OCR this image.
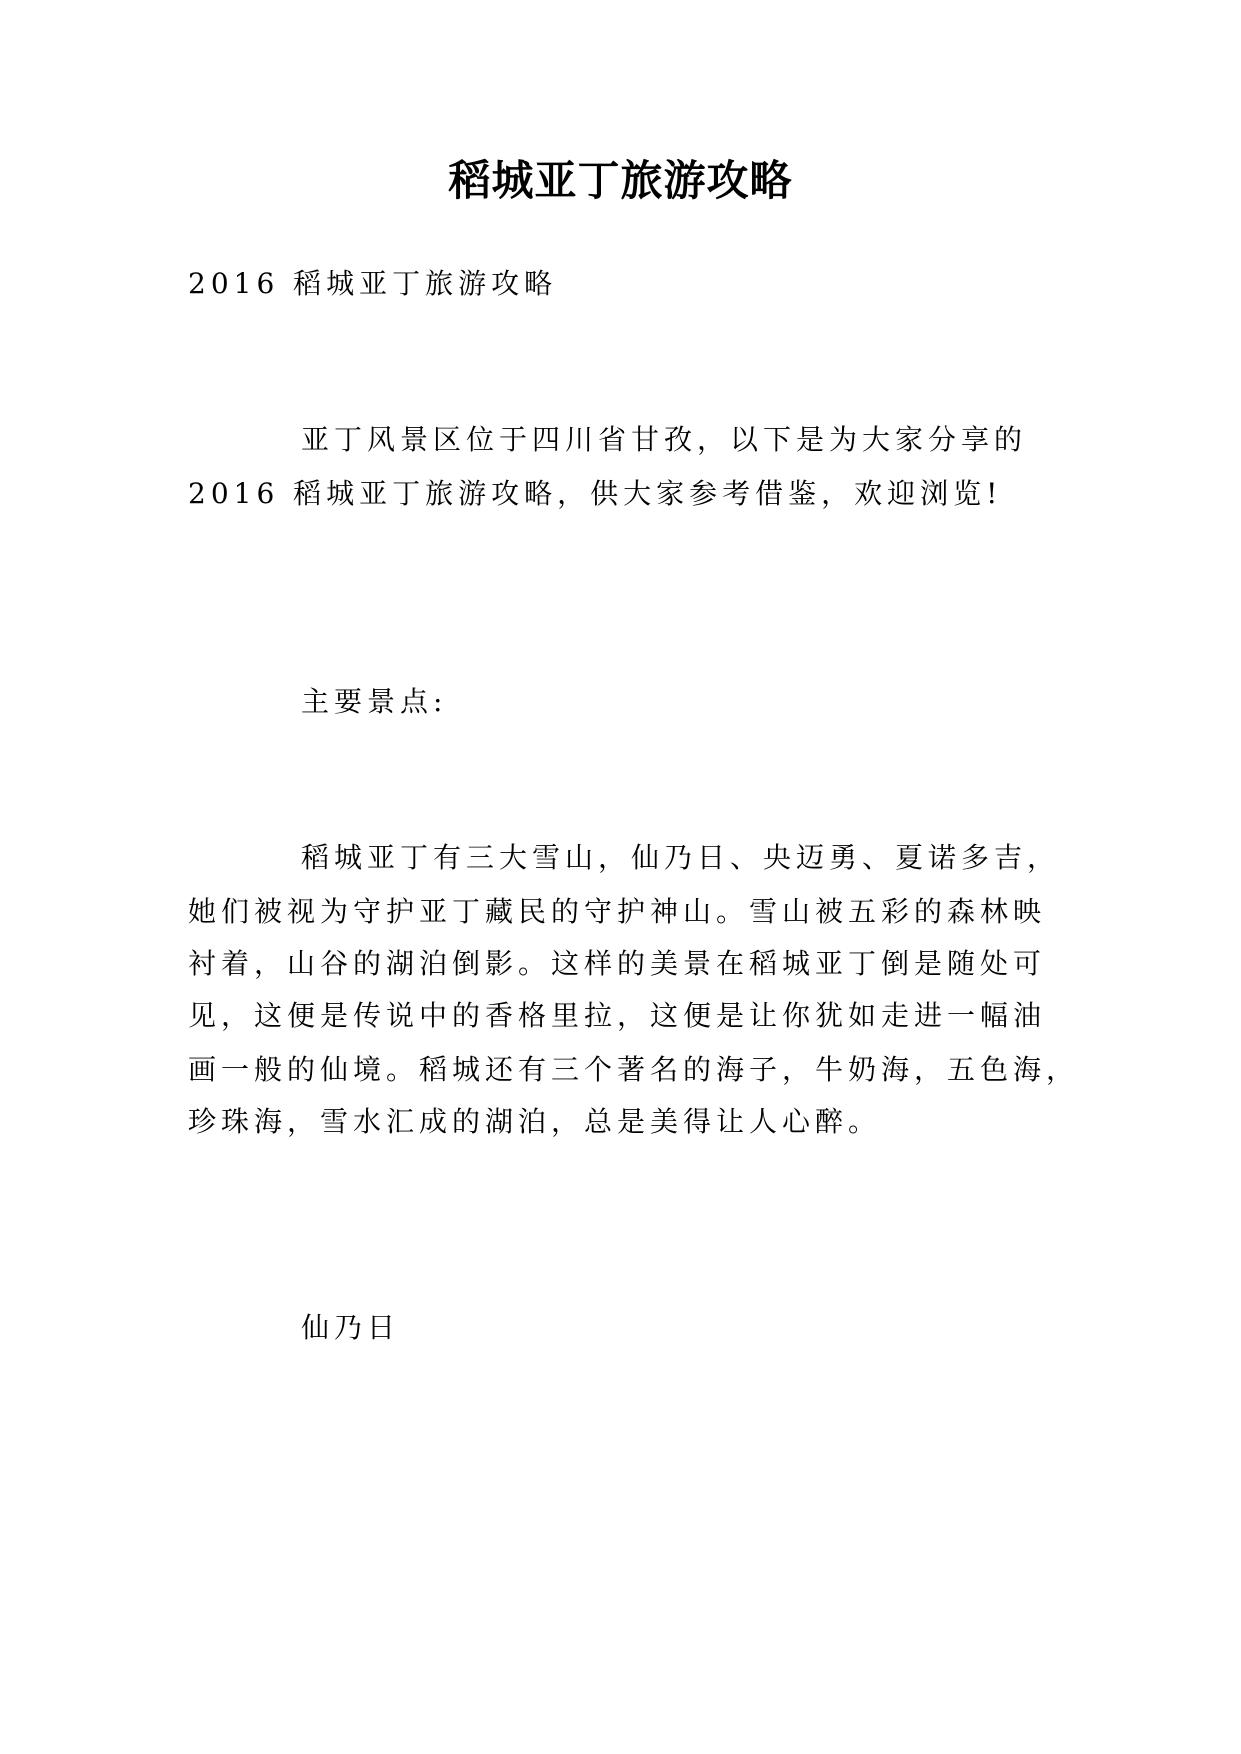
稻城亚丁旅游攻略
2016 稻城亚丁旅游攻略
亚丁风景区位于四川省甘孜，以下是为大家分享的
2016 稻城亚丁旅游攻略，供大家参考借鉴，欢迎浏览!
主要景点:
稻城亚丁有三大雪山，仙乃日、央迈勇、夏诺多吉，
她们被视为守护亚丁藏民的守护神山。雪山被五彩的森林映
衬着，山谷的湖泊倒影。这样的美景在稻城亚丁倒是随处可
见，这便是传说中的香格里拉，这便是让你犹如走进一幅油
画一般的仙境。稻城还有三个著名的海子，牛奶海，五色海，
珍珠海，雪水汇成的湖泊，总是美得让人心醉。
仙乃日
